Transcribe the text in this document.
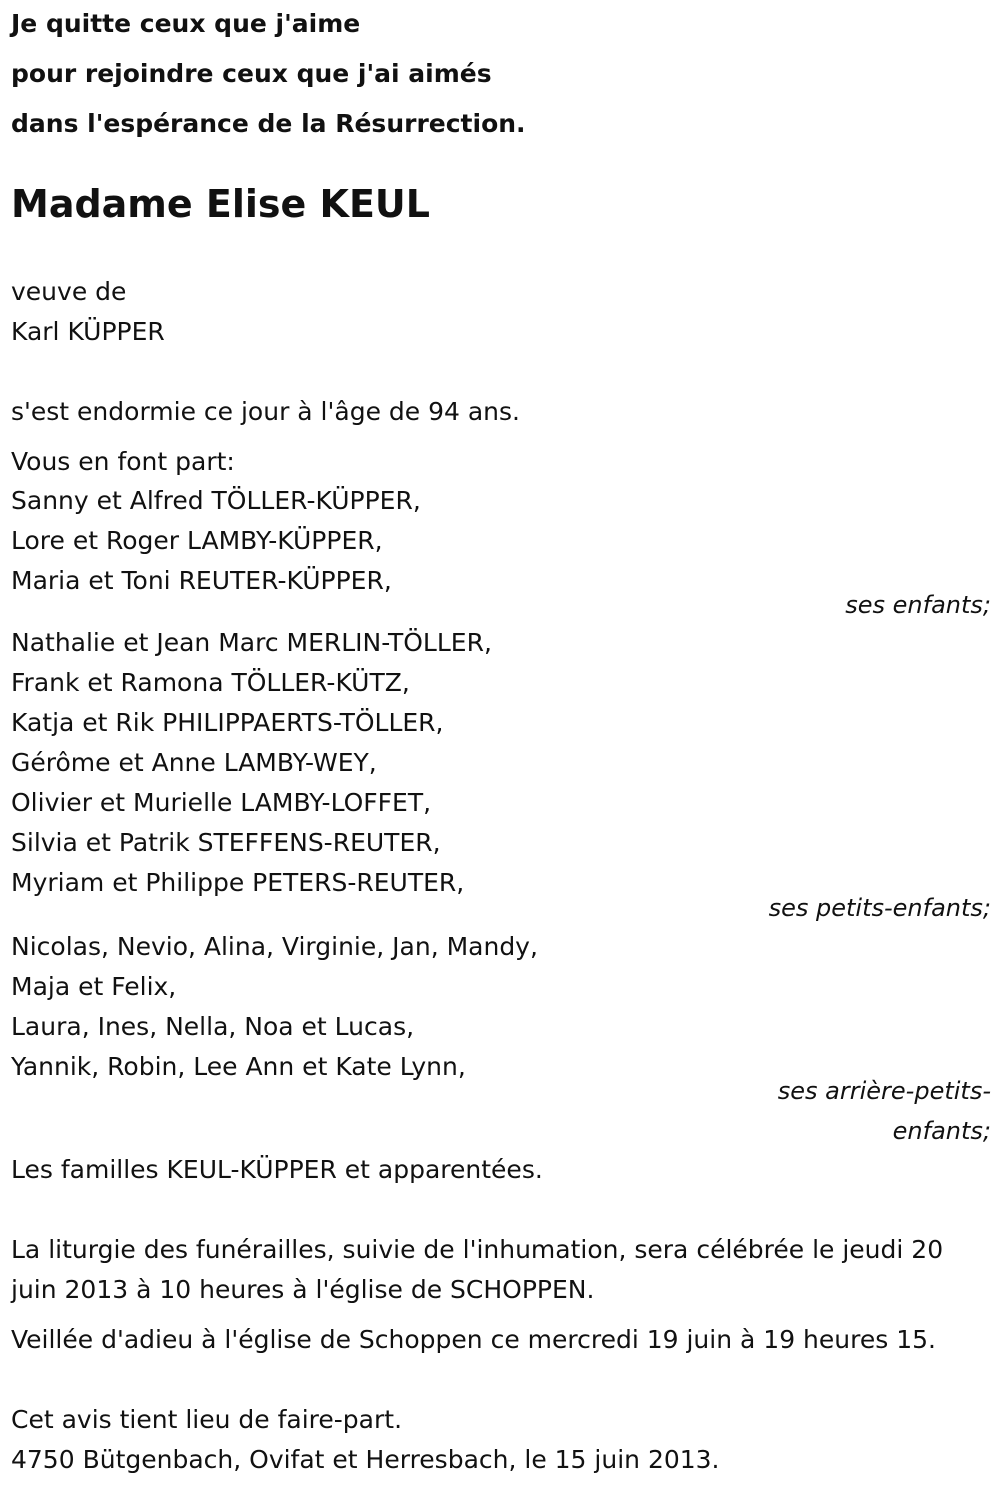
Je quitte ceux que j'aime
pour rejoindre ceux que j'ai aimés
dans l'espérance de la Résurrection.
Madame Elise KEUL
veuve de
Karl KÜPPER
s'est endormie ce jour à l'âge de 94 ans.
Vous en font part:
Sanny et Alfred TÖLLER-KÜPPER,
Lore et Roger LAMBY-KÜPPER,
Maria et Toni REUTER-KÜPPER,
ses enfants;
Nathalie et Jean Marc MERLIN-TÖLLER,
Frank et Ramona TÖLLER-KÜTZ,
Katja et Rik PHILIPPAERTS-TÖLLER,
Gérôme et Anne LAMBY-WEY,
Olivier et Murielle LAMBY-LOFFET,
Silvia et Patrik STEFFENS-REUTER,
Myriam et Philippe PETERS-REUTER,
ses petits-enfants;
Nicolas, Nevio, Alina, Virginie, Jan, Mandy,
Maja et Felix,
Laura, Ines, Nella, Noa et Lucas,
Yannik, Robin, Lee Ann et Kate Lynn,
ses arrière-petits-
enfants;
Les familles KEUL-KÜPPER et apparentées.
La liturgie des funérailles, suivie de l'inhumation, sera célébrée le jeudi 20
juin 2013 à 10 heures à l'église de SCHOPPEN.
Veillée d'adieu à l'église de Schoppen ce mercredi 19 juin à 19 heures 15.
Cet avis tient lieu de faire-part.
4750 Bütgenbach, Ovifat et Herresbach, le 15 juin 2013.
